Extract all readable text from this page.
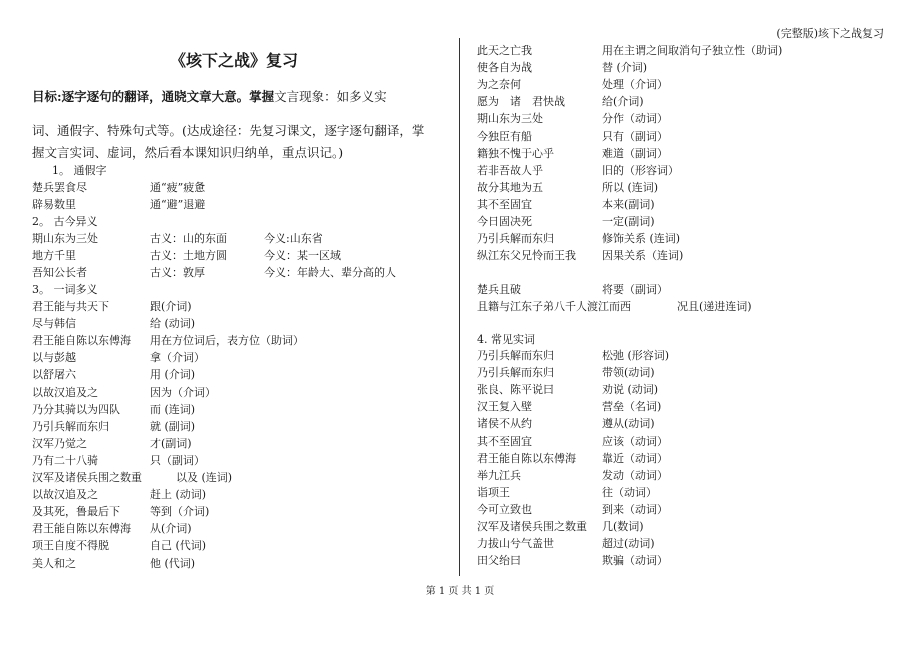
(完整版)垓下之战复习
《垓下之战》复习
目标:逐字逐句的翻译，通晓文章大意。掌握文言现象：如多义实
词、通假字、特殊句式等。(达成途径：先复习课文，逐字逐句翻译，掌
握文言实词、虚词，然后看本课知识归纳单，重点识记。)
1。 通假字
楚兵罢食尽	通“疲”疲惫
辟易数里	通“避”退避
2。 古今异义
期山东为三处	古义：山的东面	今义:山东省
地方千里	古义：土地方圆	今义：某一区域
吾知公长者	古义：敦厚	今义：年龄大、辈分高的人
3。 一词多义
君王能与共天下	跟(介词)
尽与韩信	给 (动词)
君王能自陈以东傅海 用在方位词后，表方位（助词）
以与彭越	拿（介词）
以舒屠六	用 (介词)
以故汉追及之	因为（介词）
乃分其骑以为四队	而 (连词)
乃引兵解而东归	就 (副词)
汉军乃觉之	才(副词)
乃有二十八骑	只（副词）
汉军及诸侯兵围之数重	以及 (连词)
以故汉追及之	赶上 (动词)
及其死，鲁最后下	等到（介词)
君王能自陈以东傅海 从(介词)
项王自度不得脱	自己 (代词)
美人和之	他 (代词)
此天之亡我	用在主谓之间取消句子独立性（助词)
使各自为战	替 (介词)
为之奈何	处理（介词）
愿为　诸　君快战	给(介词)
期山东为三处	分作（动词）
今独臣有船	只有（副词）
籍独不愧于心乎	难道（副词）
若非吾故人乎	旧的（形容词）
故分其地为五	所以 (连词)
其不至固宜	本来(副词)
今日固决死	一定(副词)
乃引兵解而东归	修饰关系 (连词)
纵江东父兄怜而王我 因果关系（连词)
楚兵且破	将要（副词）
且籍与江东子弟八千人渡江而西	况且(递进连词)
4. 常见实词
乃引兵解而东归	松弛 (形容词)
乃引兵解而东归	带领(动词)
张良、陈平说曰	劝说 (动词)
汉王复入壁	营垒（名词)
诸侯不从约	遵从(动词)
其不至固宜	应该（动词）
君王能自陈以东傅海 靠近（动词）
举九江兵	发动（动词）
诣项王	往（动词）
今可立致也	到来（动词）
汉军及诸侯兵围之数重 几(数词)
力拔山兮气盖世	超过(动词)
田父绐曰	欺骗（动词）
第 1 页 共 1 页
